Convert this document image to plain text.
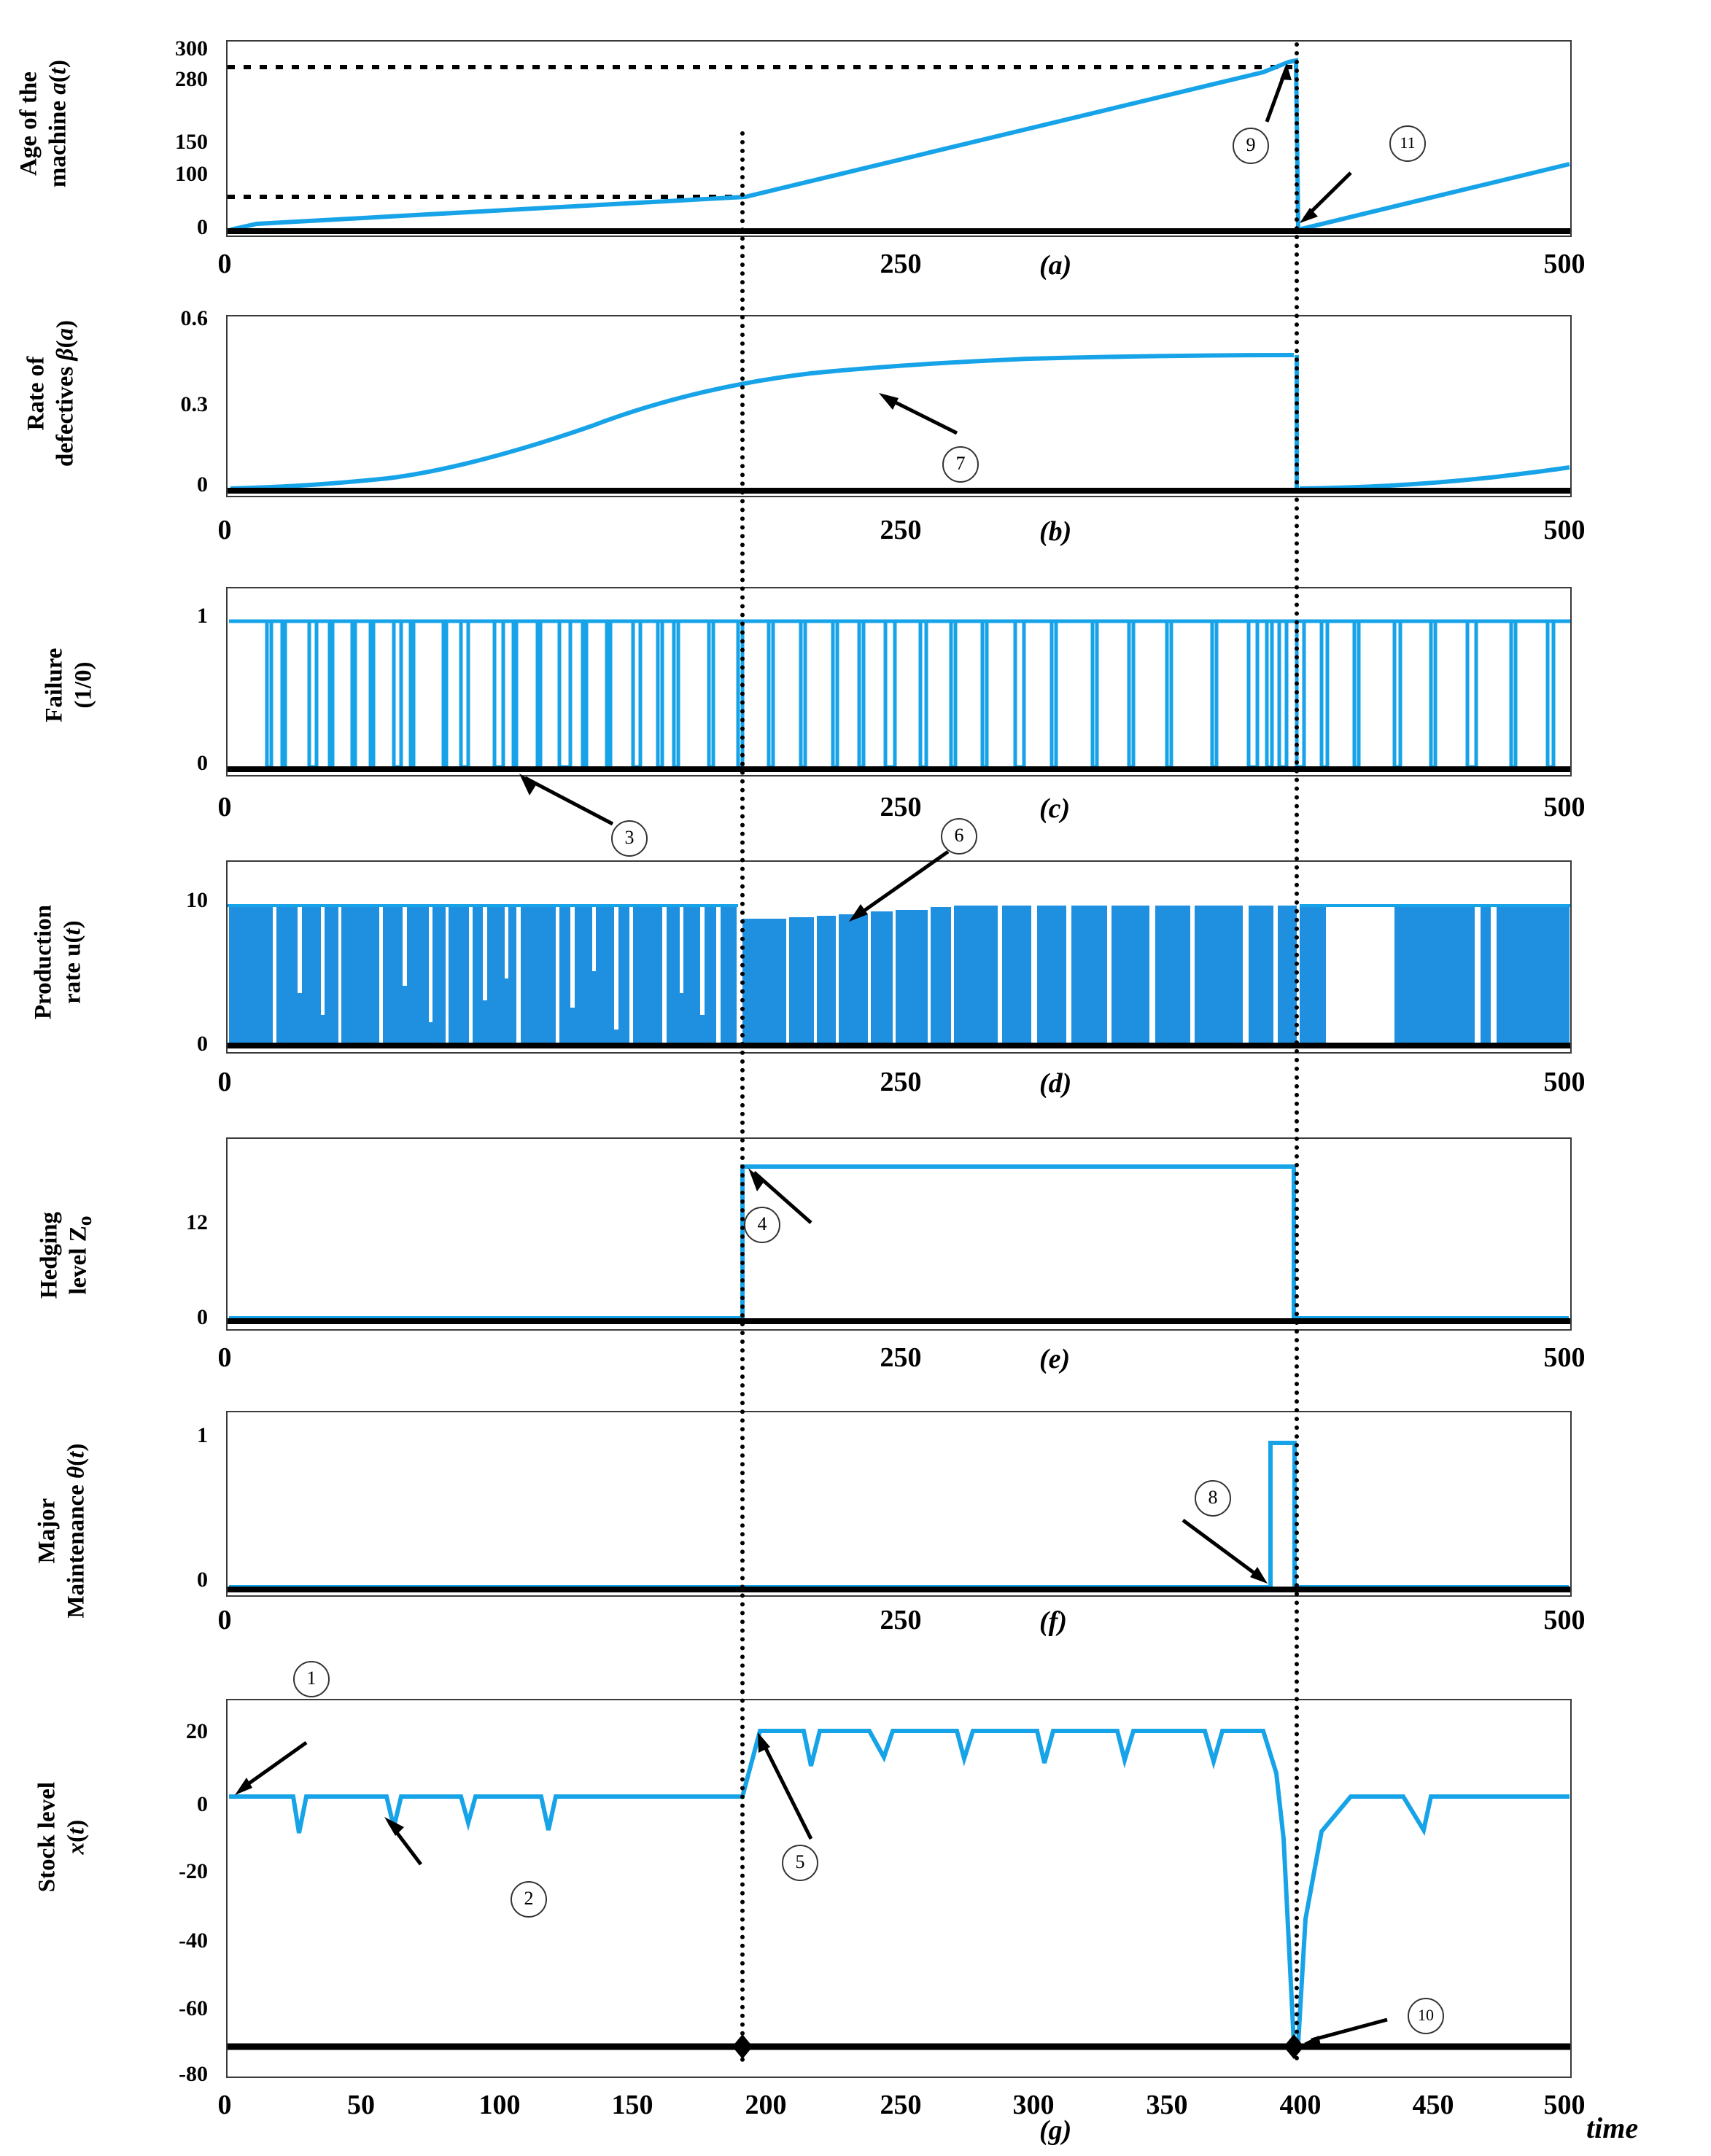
Age of the machine a(t)
300
280
150
100
0
9	11
0	250	500
(a)
Rate of defectives β(a)	0.6
0.3
0
7
0	250	500
(b)
Failure (1/0)
1
0
3
0	250	500
(c)
Production rate u(t)
10
0
6
0	250	500
(d)
Hedging level $Z_o$	12
0
4
0	250	500
(e)
Major Maintenance θ(t)
1
0
8
0	250	500
(f)
Stock level x(t)
20
0
-20
-40
-60
-80
1
2
5
10
0	50	100	150	200	250	300	350	400	450	500
(g)	time
